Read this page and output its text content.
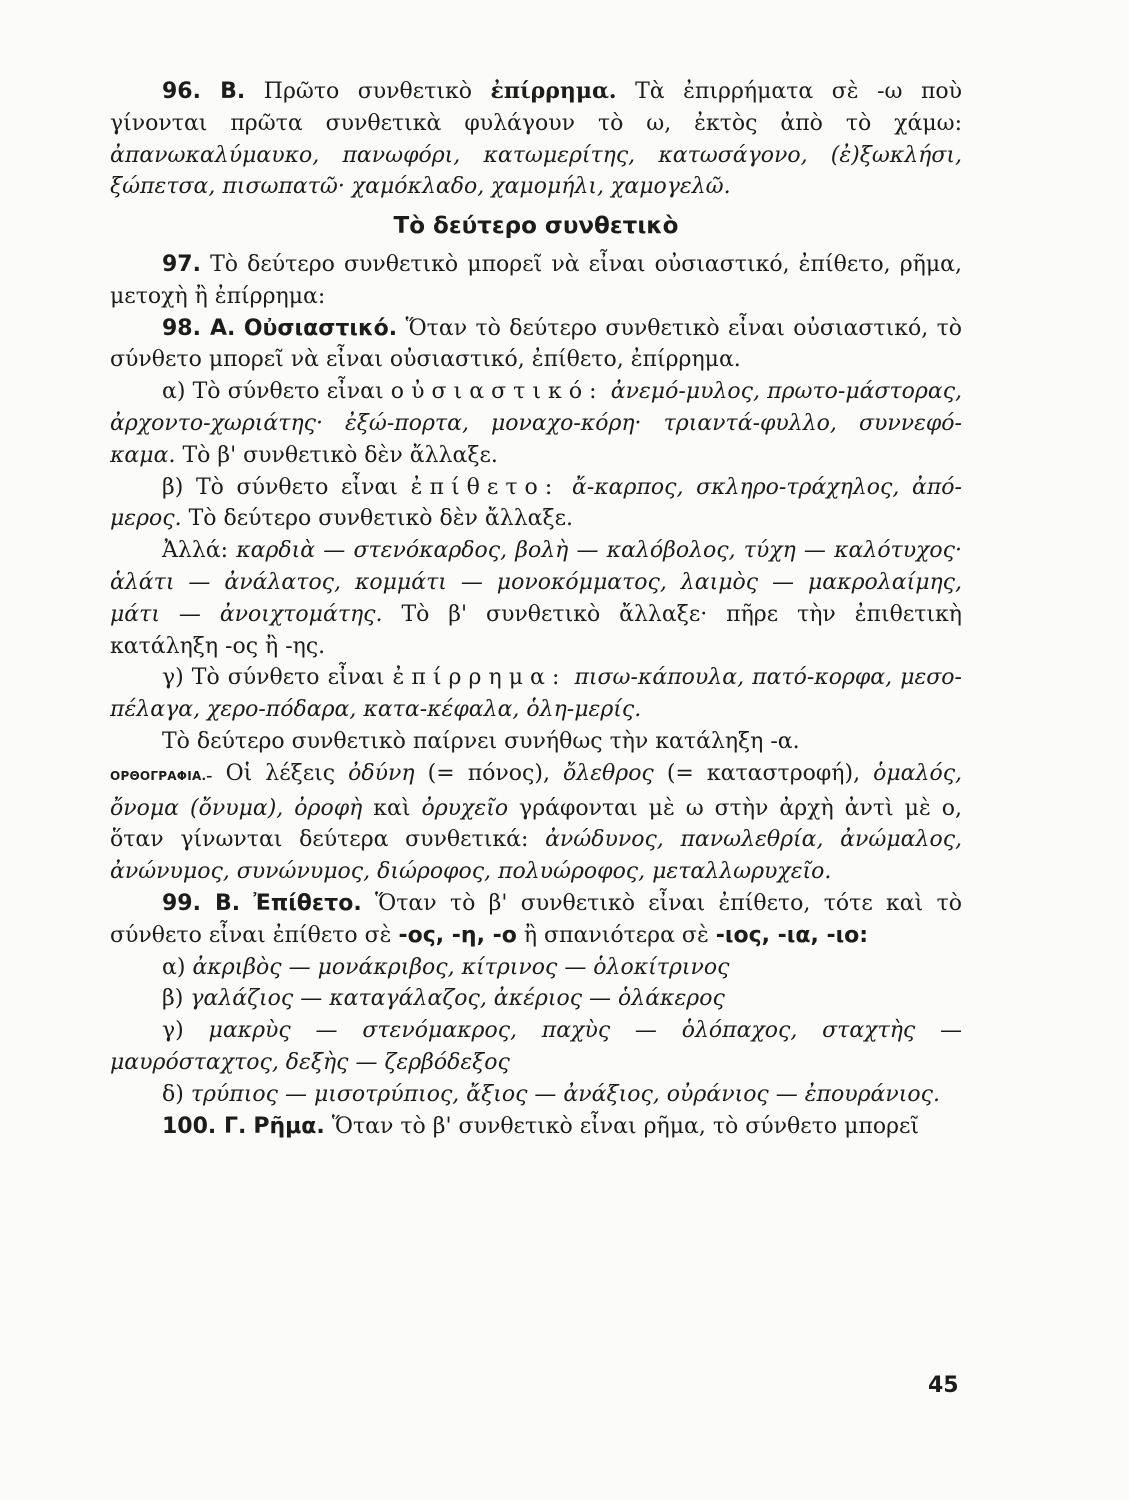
96. Β. Πρῶτο συνθετικὸ ἐπίρρημα. Τὰ ἐπιρρήματα σὲ -ω ποὺ γίνονται πρῶτα συνθετικὰ φυλάγουν τὸ ω, ἐκτὸς ἀπὸ τὸ χάμω: ἀπανωκαλύμαυκο, πανωφόρι, κατωμερίτης, κατωσάγονο, (ἐ)ξωκλήσι, ξώπετσα, πισωπατῶ· χαμόκλαδο, χαμομήλι, χαμογελῶ.

Τὸ δεύτερο συνθετικὸ

97. Τὸ δεύτερο συνθετικὸ μπορεῖ νὰ εἶναι οὐσιαστικό, ἐπίθετο, ρῆμα, μετοχὴ ἢ ἐπίρρημα:

98. Α. Οὐσιαστικό. Ὅταν τὸ δεύτερο συνθετικὸ εἶναι οὐσιαστικό, τὸ σύνθετο μπορεῖ νὰ εἶναι οὐσιαστικό, ἐπίθετο, ἐπίρρημα.

α) Τὸ σύνθετο εἶναι οὐσιαστικό: ἀνεμό-μυλος, πρωτο-μάστορας, ἀρχοντο-χωριάτης· ἐξώ-πορτα, μοναχο-κόρη· τριαντά-φυλλο, συννεφό-καμα. Τὸ β' συνθετικὸ δὲν ἄλλαξε.

β) Τὸ σύνθετο εἶναι ἐπίθετο: ἄ-καρπος, σκληρο-τράχηλος, ἀπό-μερος. Τὸ δεύτερο συνθετικὸ δὲν ἄλλαξε.

Ἀλλά: καρδιὰ — στενόκαρδος, βολὴ — καλόβολος, τύχη — καλότυχος· ἁλάτι — ἀνάλατος, κομμάτι — μονοκόμματος, λαιμὸς — μακρολαίμης, μάτι — ἀνοιχτομάτης. Τὸ β' συνθετικὸ ἄλλαξε· πῆρε τὴν ἐπιθετικὴ κατάληξη -ος ἢ -ης.

γ) Τὸ σύνθετο εἶναι ἐπίρρημα: πισω-κάπουλα, πατό-κορφα, μεσο-πέλαγα, χερο-πόδαρα, κατα-κέφαλα, ὁλη-μερίς.

Τὸ δεύτερο συνθετικὸ παίρνει συνήθως τὴν κατάληξη -α.

ΟΡΘΟΓΡΑΦΙΑ.– Οἱ λέξεις ὀδύνη (= πόνος), ὄλεθρος (= καταστροφή), ὁμαλός, ὄνομα (ὄνυμα), ὀροφὴ καὶ ὀρυχεῖο γράφονται μὲ ω στὴν ἀρχὴ ἀντὶ μὲ ο, ὅταν γίνωνται δεύτερα συνθετικά: ἀνώδυνος, πανωλεθρία, ἀνώμαλος, ἀνώνυμος, συνώνυμος, διώροφος, πολυώροφος, μεταλλωρυχεῖο.

99. Β. Ἐπίθετο. Ὅταν τὸ β' συνθετικὸ εἶναι ἐπίθετο, τότε καὶ τὸ σύνθετο εἶναι ἐπίθετο σὲ -ος, -η, -ο ἢ σπανιότερα σὲ -ιος, -ια, -ιο:

α) ἀκριβὸς — μονάκριβος, κίτρινος — ὁλοκίτρινος

β) γαλάζιος — καταγάλαζος, ἀκέριος — ὁλάκερος

γ) μακρὺς — στενόμακρος, παχὺς — ὁλόπαχος, σταχτὴς — μαυρόσταχτος, δεξὴς — ζερβόδεξος

δ) τρύπιος — μισοτρύπιος, ἄξιος — ἀνάξιος, οὐράνιος — ἐπουράνιος.

100. Γ. Ρῆμα. Ὅταν τὸ β' συνθετικὸ εἶναι ρῆμα, τὸ σύνθετο μπορεῖ

45
